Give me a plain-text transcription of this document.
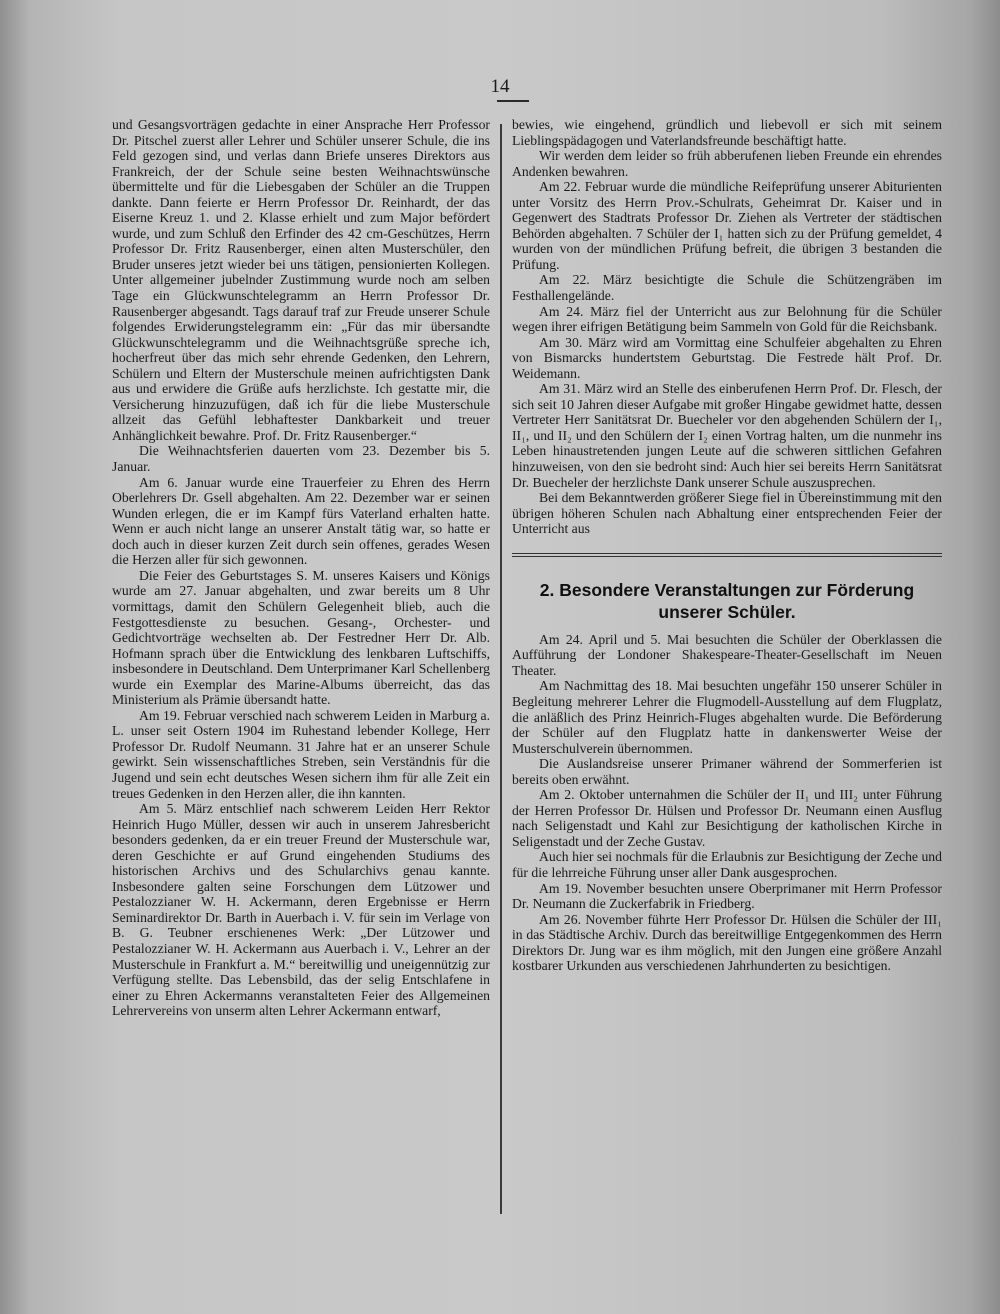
14

und Gesangsvorträgen gedachte in einer Ansprache Herr Professor Dr. Pitschel zuerst aller Lehrer und Schüler unserer Schule, die ins Feld gezogen sind, und verlas dann Briefe unseres Direktors aus Frankreich, der der Schule seine besten Weihnachtswünsche übermittelte und für die Liebesgaben der Schüler an die Truppen dankte. Dann feierte er Herrn Professor Dr. Reinhardt, der das Eiserne Kreuz 1. und 2. Klasse erhielt und zum Major befördert wurde, und zum Schluß den Erfinder des 42 cm-Geschützes, Herrn Professor Dr. Fritz Rausenberger, einen alten Musterschüler, den Bruder unseres jetzt wieder bei uns tätigen, pensionierten Kollegen. Unter allgemeiner jubelnder Zustimmung wurde noch am selben Tage ein Glückwunschtelegramm an Herrn Professor Dr. Rausenberger abgesandt. Tags darauf traf zur Freude unserer Schule folgendes Erwiderungstelegramm ein: „Für das mir übersandte Glückwunschtelegramm und die Weihnachtsgrüße spreche ich, hocherfreut über das mich sehr ehrende Gedenken, den Lehrern, Schülern und Eltern der Musterschule meinen aufrichtigsten Dank aus und erwidere die Grüße aufs herzlichste. Ich gestatte mir, die Versicherung hinzuzufügen, daß ich für die liebe Musterschule allzeit das Gefühl lebhaftester Dankbarkeit und treuer Anhänglichkeit bewahre. Prof. Dr. Fritz Rausenberger.“

Die Weihnachtsferien dauerten vom 23. Dezember bis 5. Januar.

Am 6. Januar wurde eine Trauerfeier zu Ehren des Herrn Oberlehrers Dr. Gsell abgehalten. Am 22. Dezember war er seinen Wunden erlegen, die er im Kampf fürs Vaterland erhalten hatte. Wenn er auch nicht lange an unserer Anstalt tätig war, so hatte er doch auch in dieser kurzen Zeit durch sein offenes, gerades Wesen die Herzen aller für sich gewonnen.

Die Feier des Geburtstages S. M. unseres Kaisers und Königs wurde am 27. Januar abgehalten, und zwar bereits um 8 Uhr vormittags, damit den Schülern Gelegenheit blieb, auch die Festgottesdienste zu besuchen. Gesang-, Orchester- und Gedichtvorträge wechselten ab. Der Festredner Herr Dr. Alb. Hofmann sprach über die Entwicklung des lenkbaren Luftschiffs, insbesondere in Deutschland. Dem Unterprimaner Karl Schellenberg wurde ein Exemplar des Marine-Albums überreicht, das das Ministerium als Prämie übersandt hatte.

Am 19. Februar verschied nach schwerem Leiden in Marburg a. L. unser seit Ostern 1904 im Ruhestand lebender Kollege, Herr Professor Dr. Rudolf Neumann. 31 Jahre hat er an unserer Schule gewirkt. Sein wissenschaftliches Streben, sein Verständnis für die Jugend und sein echt deutsches Wesen sichern ihm für alle Zeit ein treues Gedenken in den Herzen aller, die ihn kannten.

Am 5. März entschlief nach schwerem Leiden Herr Rektor Heinrich Hugo Müller, dessen wir auch in unserem Jahresbericht besonders gedenken, da er ein treuer Freund der Musterschule war, deren Geschichte er auf Grund eingehenden Studiums des historischen Archivs und des Schularchivs genau kannte. Insbesondere galten seine Forschungen dem Lützower und Pestalozzianer W. H. Ackermann, deren Ergebnisse er Herrn Seminardirektor Dr. Barth in Auerbach i. V. für sein im Verlage von B. G. Teubner erschienenes Werk: „Der Lützower und Pestalozzianer W. H. Ackermann aus Auerbach i. V., Lehrer an der Musterschule in Frankfurt a. M.“ bereitwillig und uneigennützig zur Verfügung stellte. Das Lebensbild, das der selig Entschlafene in einer zu Ehren Ackermanns veranstalteten Feier des Allgemeinen Lehrervereins von unserm alten Lehrer Ackermann entwarf,

bewies, wie eingehend, gründlich und liebevoll er sich mit seinem Lieblingspädagogen und Vaterlandsfreunde beschäftigt hatte.

Wir werden dem leider so früh abberufenen lieben Freunde ein ehrendes Andenken bewahren.

Am 22. Februar wurde die mündliche Reifeprüfung unserer Abiturienten unter Vorsitz des Herrn Prov.-Schulrats, Geheimrat Dr. Kaiser und in Gegenwert des Stadtrats Professor Dr. Ziehen als Vertreter der städtischen Behörden abgehalten. 7 Schüler der I₁ hatten sich zu der Prüfung gemeldet, 4 wurden von der mündlichen Prüfung befreit, die übrigen 3 bestanden die Prüfung.

Am 22. März besichtigte die Schule die Schützengräben im Festhallengelände.

Am 24. März fiel der Unterricht aus zur Belohnung für die Schüler wegen ihrer eifrigen Betätigung beim Sammeln von Gold für die Reichsbank.

Am 30. März wird am Vormittag eine Schulfeier abgehalten zu Ehren von Bismarcks hundertstem Geburtstag. Die Festrede hält Prof. Dr. Weidemann.

Am 31. März wird an Stelle des einberufenen Herrn Prof. Dr. Flesch, der sich seit 10 Jahren dieser Aufgabe mit großer Hingabe gewidmet hatte, dessen Vertreter Herr Sanitätsrat Dr. Buecheler vor den abgehenden Schülern der I₁, II₁, und II₂ und den Schülern der I₂ einen Vortrag halten, um die nunmehr ins Leben hinaustretenden jungen Leute auf die schweren sittlichen Gefahren hinzuweisen, von den sie bedroht sind: Auch hier sei bereits Herrn Sanitätsrat Dr. Buecheler der herzlichste Dank unserer Schule auszusprechen.

Bei dem Bekanntwerden größerer Siege fiel in Übereinstimmung mit den übrigen höheren Schulen nach Abhaltung einer entsprechenden Feier der Unterricht aus

2. Besondere Veranstaltungen zur Förderung unserer Schüler.

Am 24. April und 5. Mai besuchten die Schüler der Oberklassen die Aufführung der Londoner Shakespeare-Theater-Gesellschaft im Neuen Theater.

Am Nachmittag des 18. Mai besuchten ungefähr 150 unserer Schüler in Begleitung mehrerer Lehrer die Flugmodell-Ausstellung auf dem Flugplatz, die anläßlich des Prinz Heinrich-Fluges abgehalten wurde. Die Beförderung der Schüler auf den Flugplatz hatte in dankenswerter Weise der Musterschulverein übernommen.

Die Auslandsreise unserer Primaner während der Sommerferien ist bereits oben erwähnt.

Am 2. Oktober unternahmen die Schüler der II₁ und III₂ unter Führung der Herren Professor Dr. Hülsen und Professor Dr. Neumann einen Ausflug nach Seligenstadt und Kahl zur Besichtigung der katholischen Kirche in Seligenstadt und der Zeche Gustav.

Auch hier sei nochmals für die Erlaubnis zur Besichtigung der Zeche und für die lehrreiche Führung unser aller Dank ausgesprochen.

Am 19. November besuchten unsere Oberprimaner mit Herrn Professor Dr. Neumann die Zuckerfabrik in Friedberg.

Am 26. November führte Herr Professor Dr. Hülsen die Schüler der III₁ in das Städtische Archiv. Durch das bereitwillige Entgegenkommen des Herrn Direktors Dr. Jung war es ihm möglich, mit den Jungen eine größere Anzahl kostbarer Urkunden aus verschiedenen Jahrhunderten zu besichtigen.
